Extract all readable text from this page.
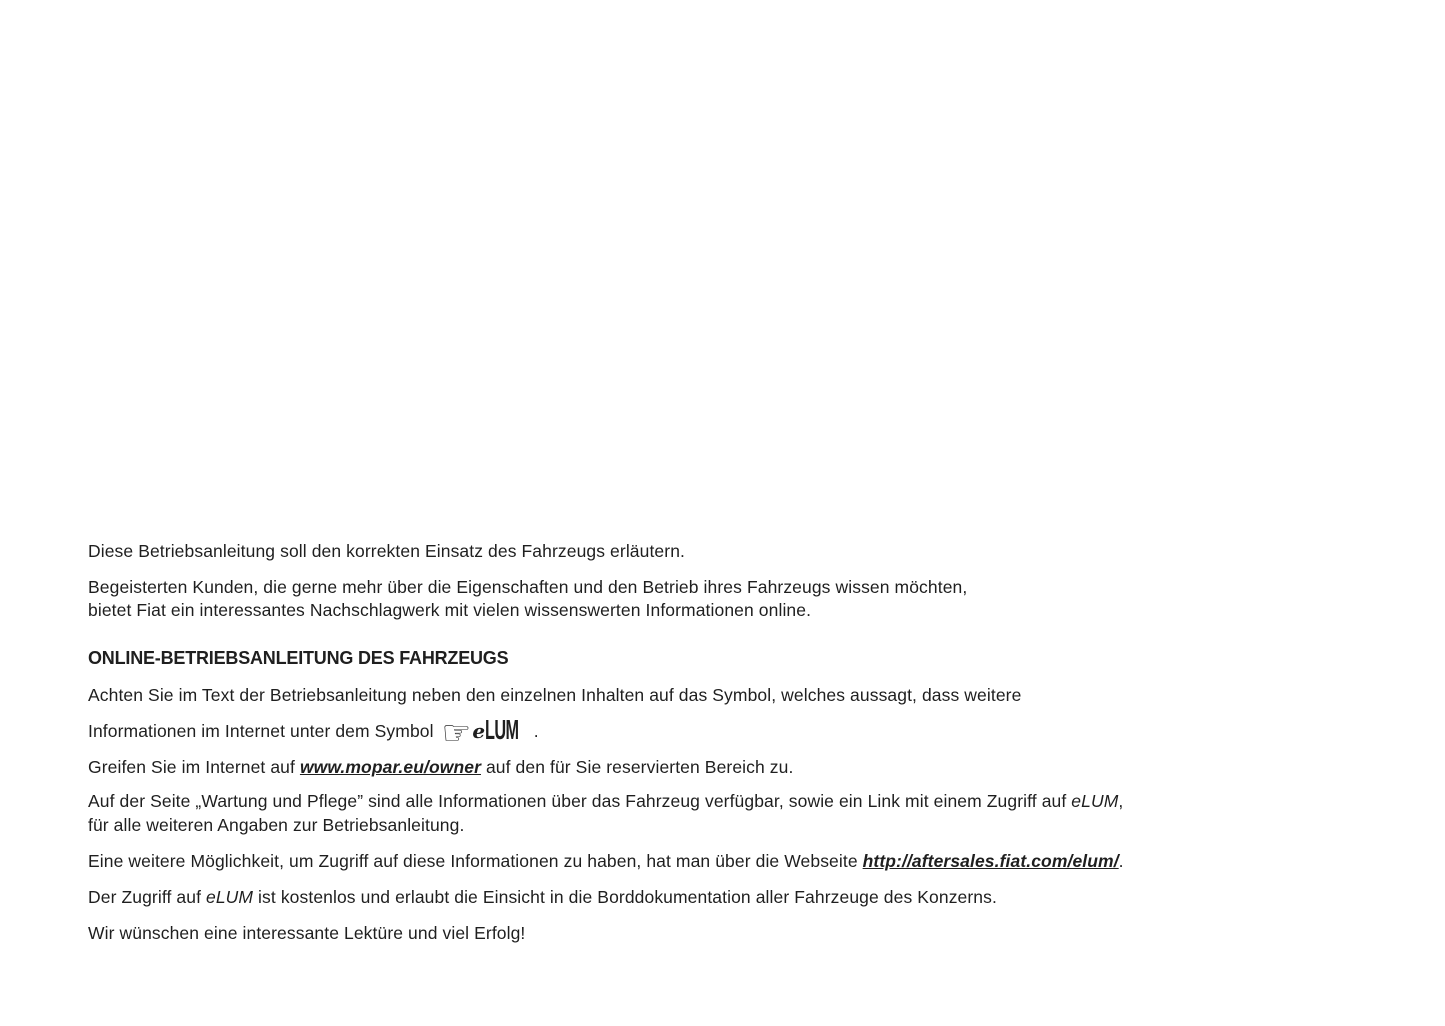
Diese Betriebsanleitung soll den korrekten Einsatz des Fahrzeugs erläutern.
Begeisterten Kunden, die gerne mehr über die Eigenschaften und den Betrieb ihres Fahrzeugs wissen möchten,
bietet Fiat ein interessantes Nachschlagwerk mit vielen wissenswerten Informationen online.
ONLINE-BETRIEBSANLEITUNG DES FAHRZEUGS
Achten Sie im Text der Betriebsanleitung neben den einzelnen Inhalten auf das Symbol, welches aussagt, dass weitere
Informationen im Internet unter dem Symbol ☞eLUM .
Greifen Sie im Internet auf www.mopar.eu/owner auf den für Sie reservierten Bereich zu.
Auf der Seite „Wartung und Pflege” sind alle Informationen über das Fahrzeug verfügbar, sowie ein Link mit einem Zugriff auf eLUM,
für alle weiteren Angaben zur Betriebsanleitung.
Eine weitere Möglichkeit, um Zugriff auf diese Informationen zu haben, hat man über die Webseite http://aftersales.fiat.com/elum/.
Der Zugriff auf eLUM ist kostenlos und erlaubt die Einsicht in die Borddokumentation aller Fahrzeuge des Konzerns.
Wir wünschen eine interessante Lektüre und viel Erfolg!
